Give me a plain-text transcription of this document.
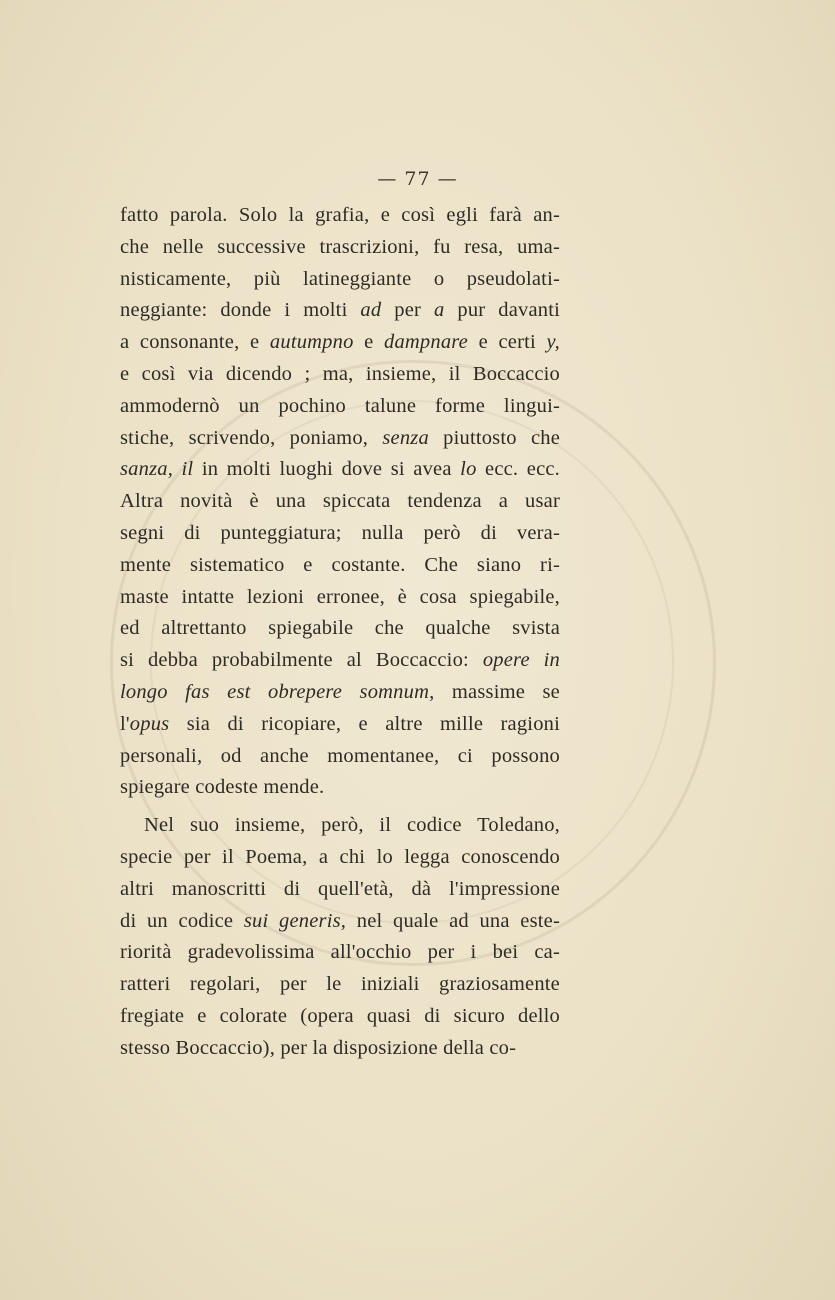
— 77 —
fatto parola. Solo la grafia, e così egli farà an-
che nelle successive trascrizioni, fu resa, uma-
nisticamente, più latineggiante o pseudolati-
neggiante: donde i molti ad per a pur davanti
a consonante, e autumpno e dampnare e certi y,
e così via dicendo ; ma, insieme, il Boccaccio
ammodernò un pochino talune forme lingui-
stiche, scrivendo, poniamo, senza piuttosto che
sanza, il in molti luoghi dove si avea lo ecc. ecc.
Altra novità è una spiccata tendenza a usar
segni di punteggiatura; nulla però di vera-
mente sistematico e costante. Che siano ri-
maste intatte lezioni erronee, è cosa spiegabile,
ed altrettanto spiegabile che qualche svista
si debba probabilmente al Boccaccio: opere in
longo fas est obrepere somnum, massime se
l'opus sia di ricopiare, e altre mille ragioni
personali, od anche momentanee, ci possono
spiegare codeste mende.
Nel suo insieme, però, il codice Toledano,
specie per il Poema, a chi lo legga conoscendo
altri manoscritti di quell'età, dà l'impressione
di un codice sui generis, nel quale ad una este-
riorità gradevolissima all'occhio per i bei ca-
ratteri regolari, per le iniziali graziosamente
fregiate e colorate (opera quasi di sicuro dello
stesso Boccaccio), per la disposizione della co-
